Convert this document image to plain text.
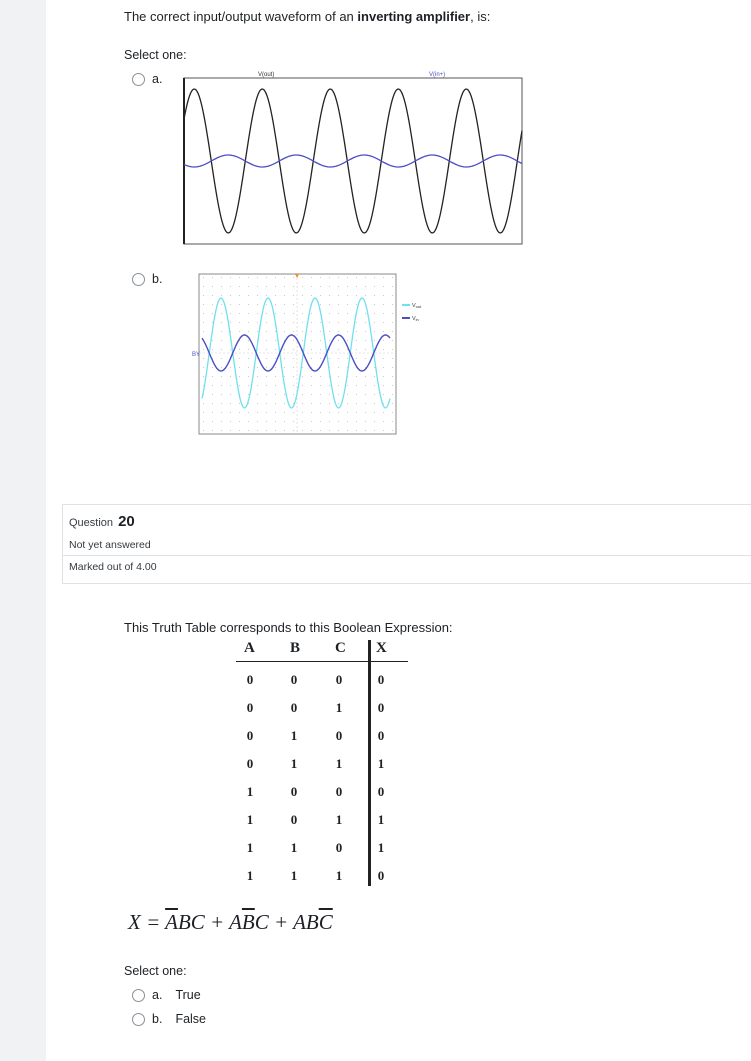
The correct input/output waveform of an inverting amplifier, is:
Select one:
a.	V(out)	V(in+)
b.
BY
Vout
Vin
Question 20
Not yet answered
Marked out of 4.00
This Truth Table corresponds to this Boolean Expression:
A B C X
0	0	0	0
0	0	1	0
0	1	0	0
0	1	1	1
1	0	0	0
1	0	1	1
1	1	0	1
1	1	1	0
$X = \overline{A}BC + A\overline{B}C + AB\overline{C}$
Select one:
a. True
b. False
